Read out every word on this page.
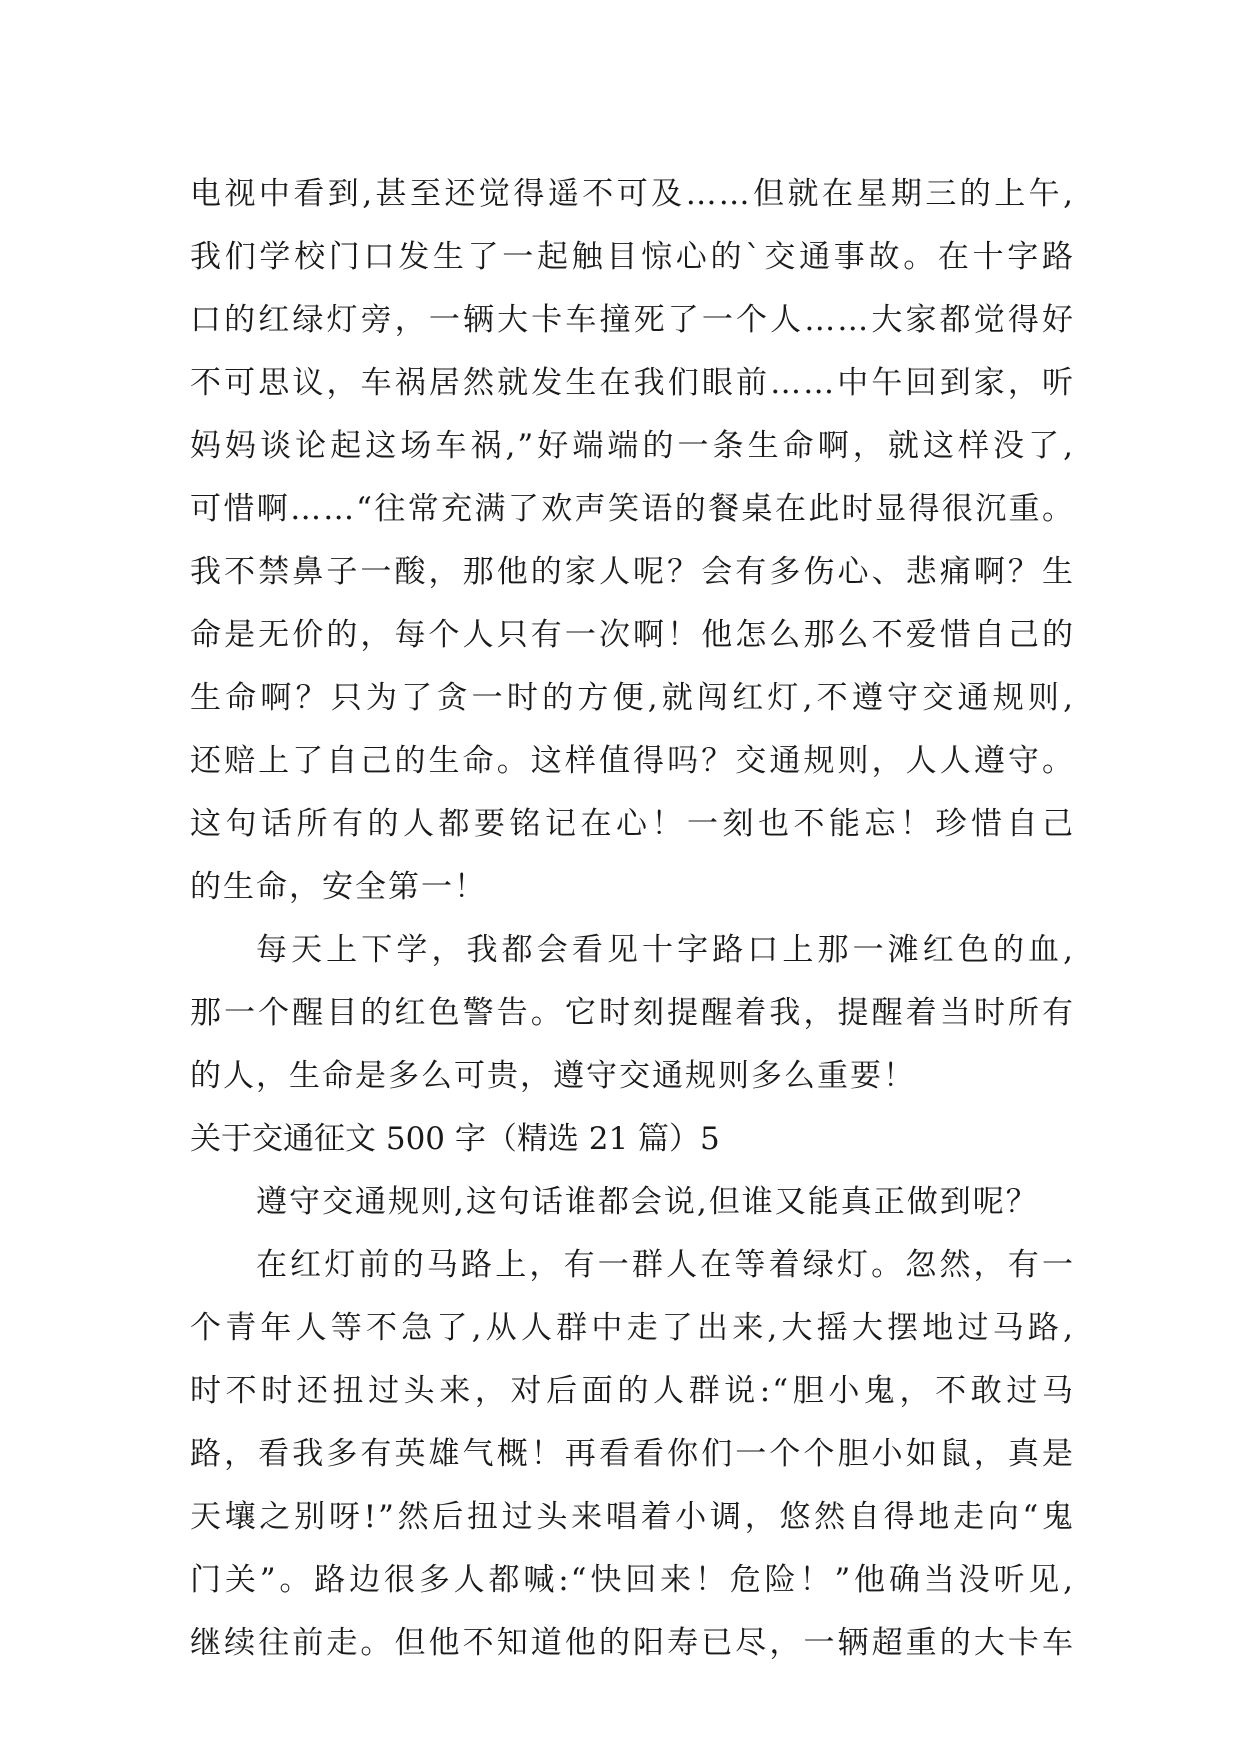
电视中看到,甚至还觉得遥不可及……但就在星期三的上午,
我们学校门口发生了一起触目惊心的`交通事故。在十字路
口的红绿灯旁，一辆大卡车撞死了一个人……大家都觉得好
不可思议，车祸居然就发生在我们眼前……中午回到家，听
妈妈谈论起这场车祸,”好端端的一条生命啊，就这样没了,
可惜啊……“往常充满了欢声笑语的餐桌在此时显得很沉重。
我不禁鼻子一酸，那他的家人呢？会有多伤心、悲痛啊？生
命是无价的，每个人只有一次啊！他怎么那么不爱惜自己的
生命啊？只为了贪一时的方便,就闯红灯,不遵守交通规则,
还赔上了自己的生命。这样值得吗？交通规则，人人遵守。
这句话所有的人都要铭记在心！一刻也不能忘！珍惜自己
的生命，安全第一！
每天上下学，我都会看见十字路口上那一滩红色的血,
那一个醒目的红色警告。它时刻提醒着我，提醒着当时所有
的人，生命是多么可贵，遵守交通规则多么重要！
关于交通征文 500 字（精选 21 篇）5
遵守交通规则,这句话谁都会说,但谁又能真正做到呢？
在红灯前的马路上，有一群人在等着绿灯。忽然，有一
个青年人等不急了,从人群中走了出来,大摇大摆地过马路,
时不时还扭过头来，对后面的人群说:“胆小鬼，不敢过马
路，看我多有英雄气概！再看看你们一个个胆小如鼠，真是
天壤之别呀!”然后扭过头来唱着小调，悠然自得地走向“鬼
门关”。路边很多人都喊:“快回来！危险！”他确当没听见,
继续往前走。但他不知道他的阳寿已尽，一辆超重的大卡车
